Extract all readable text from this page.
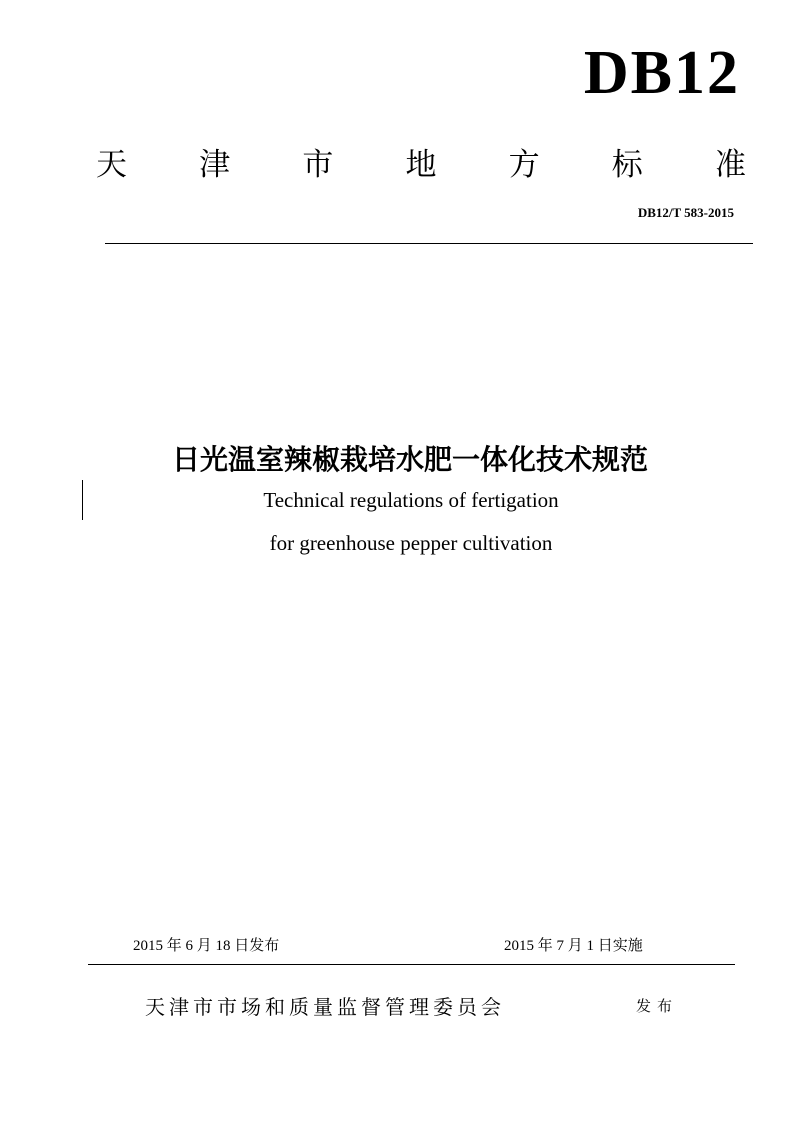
DB12
天 津 市 地 方 标 准
DB12/T 583-2015
日光温室辣椒栽培水肥一体化技术规范
Technical regulations of fertigation
for greenhouse pepper cultivation
2015 年 6 月 18 日发布	2015 年 7 月 1 日实施
天津市市场和质量监督管理委员会	发布
